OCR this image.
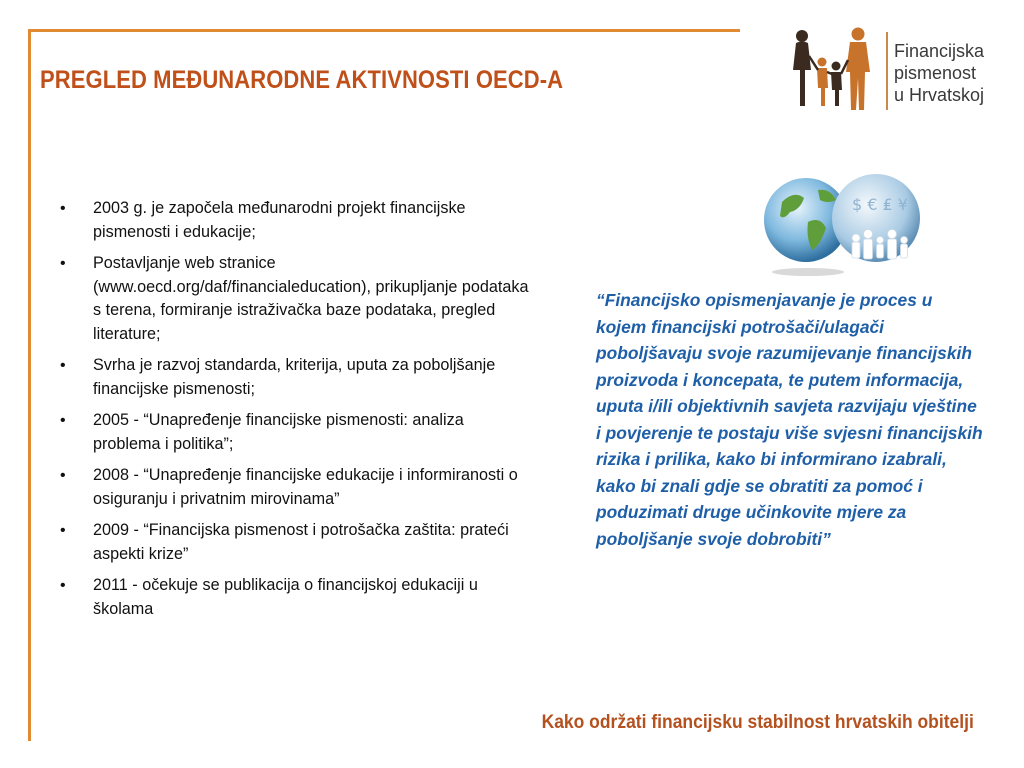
PREGLED MEĐUNARODNE AKTIVNOSTI OECD-A
Financijska
pismenost
u Hrvatskoj
$ € ₤ ¥
• 2003 g. je započela međunarodni projekt financijske pismenosti i edukacije;
• Postavljanje web stranice (www.oecd.org/daf/financialeducation), prikupljanje podataka s terena, formiranje istraživačka baze podataka, pregled literature;
• Svrha je razvoj standarda, kriterija, uputa za poboljšanje financijske pismenosti;
• 2005 - “Unapređenje financijske pismenosti: analiza problema i politika”;
• 2008 - “Unapređenje financijske edukacije i informiranosti o osiguranju i privatnim mirovinama”
• 2009 - “Financijska pismenost i potrošačka zaštita: prateći aspekti krize”
• 2011 - očekuje se publikacija o financijskoj edukaciji u školama

“Financijsko opismenjavanje je proces u kojem financijski potrošači/ulagači poboljšavaju svoje razumijevanje financijskih proizvoda i koncepata, te putem informacija, uputa i/ili objektivnih savjeta razvijaju vještine i povjerenje te postaju više svjesni financijskih rizika i prilika, kako bi informirano izabrali, kako bi znali gdje se obratiti za pomoć i poduzimati druge učinkovite mjere za poboljšanje svoje dobrobiti”

Kako održati financijsku stabilnost hrvatskih obitelji
